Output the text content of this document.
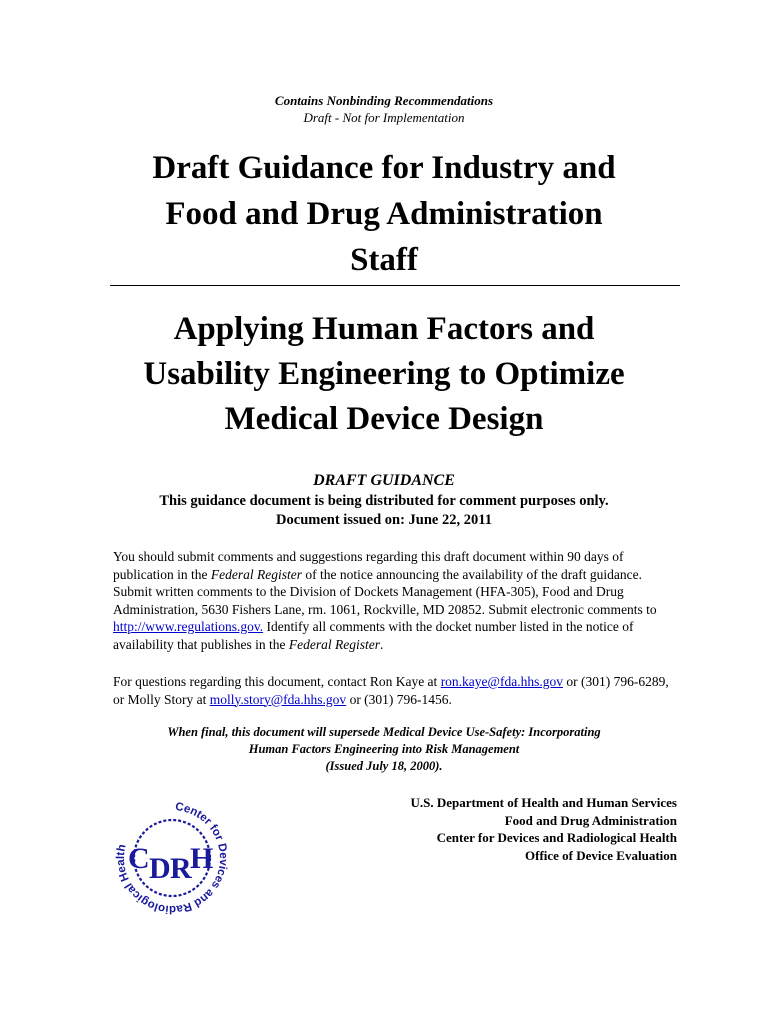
Contains Nonbinding Recommendations
Draft - Not for Implementation
Draft Guidance for Industry and
Food and Drug Administration
Staff
Applying Human Factors and
Usability Engineering to Optimize
Medical Device Design
DRAFT GUIDANCE
This guidance document is being distributed for comment purposes only.
Document issued on: June 22, 2011
You should submit comments and suggestions regarding this draft document within 90 days of publication in the Federal Register of the notice announcing the availability of the draft guidance. Submit written comments to the Division of Dockets Management (HFA-305), Food and Drug Administration, 5630 Fishers Lane, rm. 1061, Rockville, MD 20852. Submit electronic comments to http://www.regulations.gov. Identify all comments with the docket number listed in the notice of availability that publishes in the Federal Register.
For questions regarding this document, contact Ron Kaye at ron.kaye@fda.hhs.gov or (301) 796-6289, or Molly Story at molly.story@fda.hhs.gov or (301) 796-1456.
When final, this document will supersede Medical Device Use-Safety: Incorporating
Human Factors Engineering into Risk Management
(Issued July 18, 2000).
Center for Devices and Radiological Health C D R
H
U.S. Department of Health and Human Services
Food and Drug Administration
Center for Devices and Radiological Health
Office of Device Evaluation
